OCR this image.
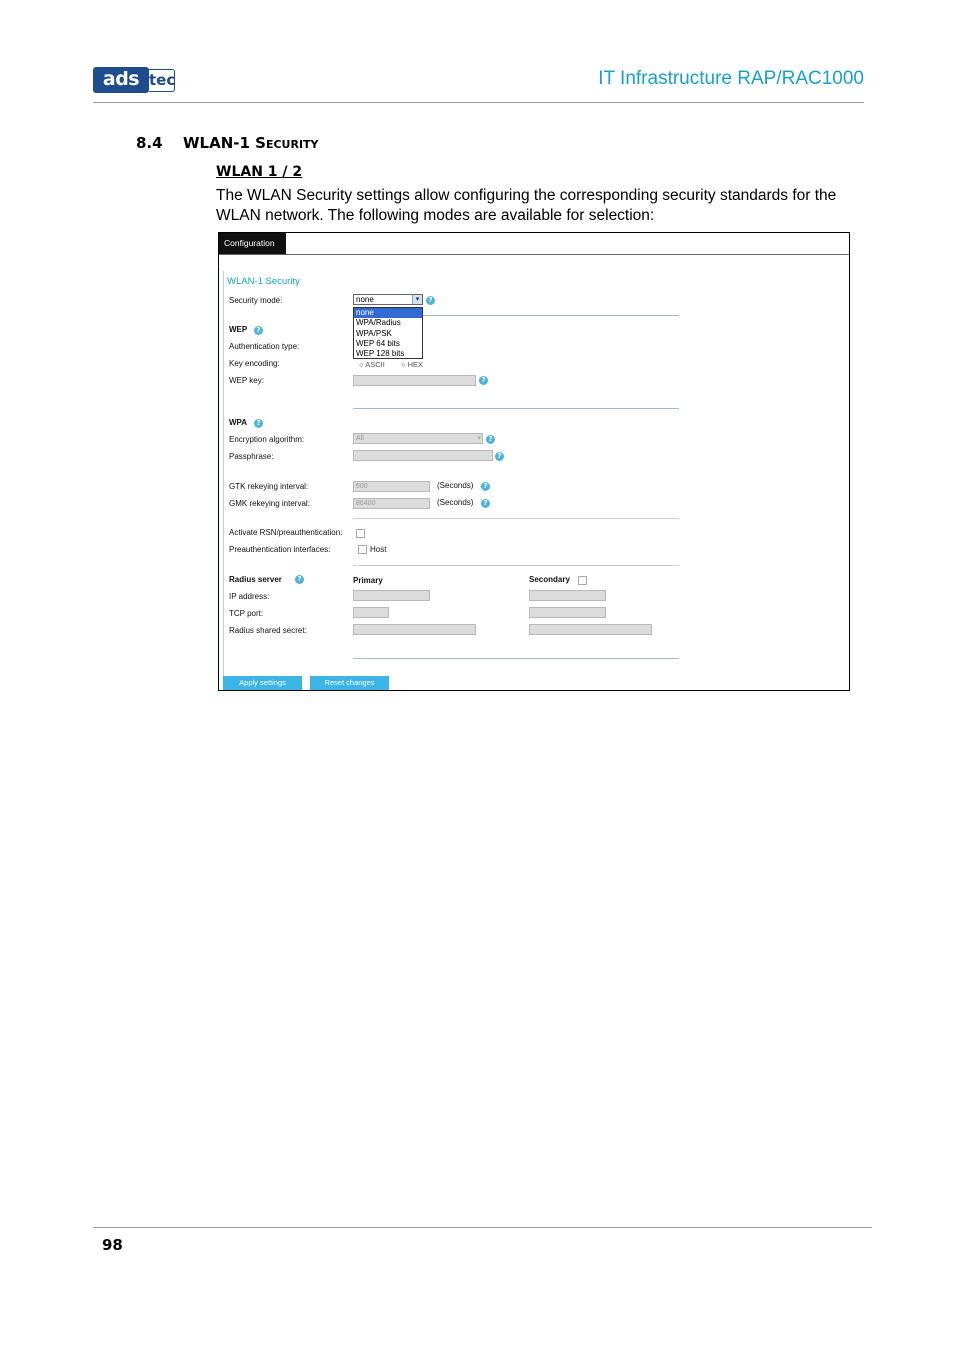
ads tec	IT Infrastructure RAP/RAC1000
8.4 WLAN-1 Security
WLAN 1 / 2
The WLAN Security settings allow configuring the corresponding security standards for the WLAN network. The following modes are available for selection:
Configuration
WLAN-1 Security
Security mode:	none	▾	?
none
WPA/Radius
WPA/PSK
WEP 64 bits
WEP 128 bits
WEP	?
Authentication type:
Key encoding:	○ ASCII ○ HEX
WEP key:	?
WPA	?
Encryption algorithm:	All	▾	?
Passphrase:	?
GTK rekeying interval:	600	(Seconds)	?
GMK rekeying interval:	86400	(Seconds)	?
Activate RSN/preauthentication:
Preauthentication interfaces:	Host
Radius server	?	Primary	Secondary
IP address:
TCP port:
Radius shared secret:
Apply settings	Reset changes
98
